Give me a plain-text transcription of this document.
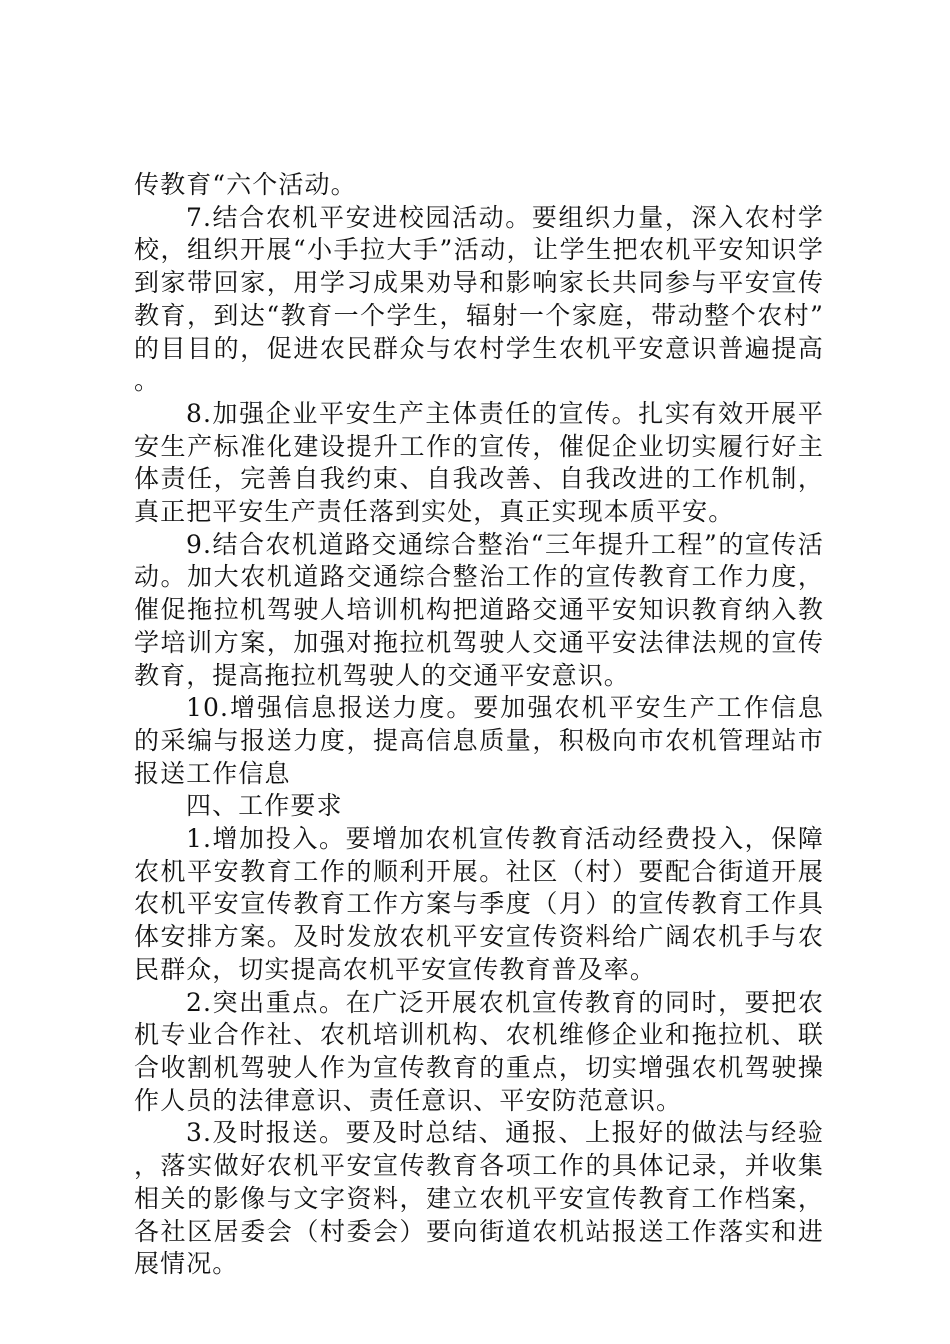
传教育“六个活动。

7.结合农机平安进校园活动。要组织力量，深入农村学校，组织开展“小手拉大手”活动，让学生把农机平安知识学到家带回家，用学习成果劝导和影响家长共同参与平安宣传教育，到达“教育一个学生，辐射一个家庭，带动整个农村”的目目的，促进农民群众与农村学生农机平安意识普遍提高。

8.加强企业平安生产主体责任的宣传。扎实有效开展平安生产标准化建设提升工作的宣传，催促企业切实履行好主体责任，完善自我约束、自我改善、自我改进的工作机制，真正把平安生产责任落到实处，真正实现本质平安。

9.结合农机道路交通综合整治“三年提升工程”的宣传活动。加大农机道路交通综合整治工作的宣传教育工作力度，催促拖拉机驾驶人培训机构把道路交通平安知识教育纳入教学培训方案，加强对拖拉机驾驶人交通平安法律法规的宣传教育，提高拖拉机驾驶人的交通平安意识。

10.增强信息报送力度。要加强农机平安生产工作信息的采编与报送力度，提高信息质量，积极向市农机管理站市报送工作信息

四、工作要求

1.增加投入。要增加农机宣传教育活动经费投入，保障农机平安教育工作的顺利开展。社区（村）要配合街道开展农机平安宣传教育工作方案与季度（月）的宣传教育工作具体安排方案。及时发放农机平安宣传资料给广阔农机手与农民群众，切实提高农机平安宣传教育普及率。

2.突出重点。在广泛开展农机宣传教育的同时，要把农机专业合作社、农机培训机构、农机维修企业和拖拉机、联合收割机驾驶人作为宣传教育的重点，切实增强农机驾驶操作人员的法律意识、责任意识、平安防范意识。

3.及时报送。要及时总结、通报、上报好的做法与经验，落实做好农机平安宣传教育各项工作的具体记录，并收集相关的影像与文字资料，建立农机平安宣传教育工作档案，各社区居委会（村委会）要向街道农机站报送工作落实和进展情况。
